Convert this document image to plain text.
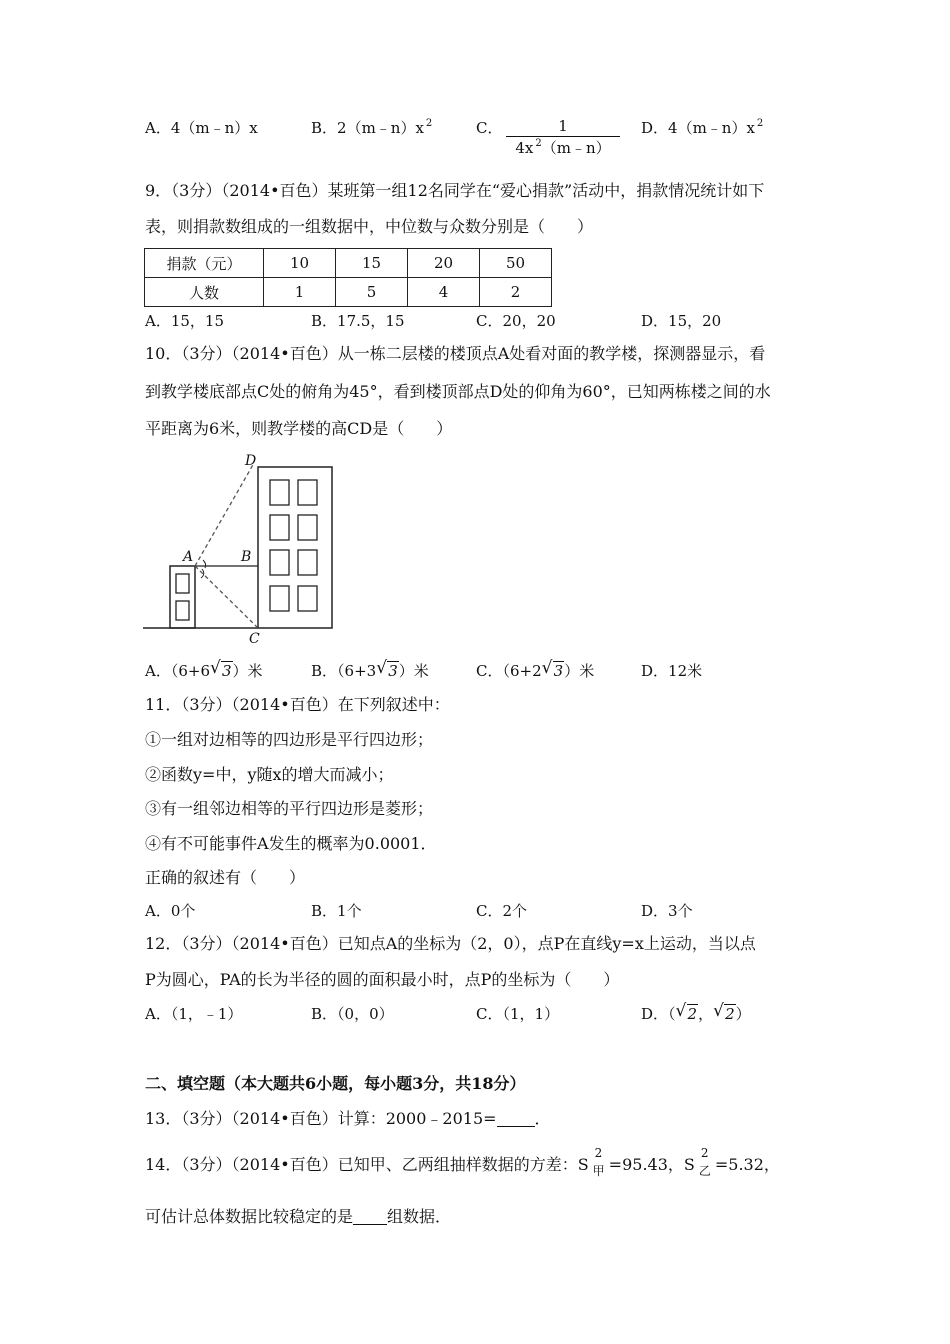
A．4（m﹣n）x	B．2（m﹣n）x $^2$	C． $\frac{1}{4x ^2(m﹣n)}$ D．4（m﹣n）x $^2$
9．（3分）（2014•百色）某班第一组12名同学在“爱心捐款”活动中，捐款情况统计如下
表，则捐款数组成的一组数据中，中位数与众数分别是（　　）
捐款（元）	10	15	20	50
人数	1	5	4	2
A．15，15	B．17.5，15	C．20，20	D．15，20
10．（3分）（2014•百色）从一栋二层楼的楼顶点A处看对面的教学楼，探测器显示，看
到教学楼底部点C处的俯角为45°，看到楼顶部点D处的仰角为60°，已知两栋楼之间的水
平距离为6米，则教学楼的高CD是（　　）
D
A	B
C
A．（6+6 √ 3）米	B．（6+3 √ 3）米	C．（6+2 √ 3）米	D．12米
11．（3分）（2014•百色）在下列叙述中：
①一组对边相等的四边形是平行四边形；
②函数y=中，y随x的增大而减小；
③有一组邻边相等的平行四边形是菱形；
④有不可能事件A发生的概率为0.0001．
正确的叙述有（　　）
A．0个	B．1个	C．2个	D．3个
12．（3分）（2014•百色）已知点A的坐标为（2，0），点P在直线y=x上运动，当以点
P为圆心，PA的长为半径的圆的面积最小时，点P的坐标为（　　）
A．（1，﹣1）	B．（0，0）	C．（1，1）	D．（ √ 2， √ 2）
二、填空题（本大题共6小题，每小题3分，共18分）
13．（3分）（2014•百色）计算：2000﹣2015= ．
14．（3分）（2014•百色）已知甲、乙两组抽样数据的方差：S
2
甲 =95.43，S
2
乙 =5.32，
可估计总体数据比较稳定的是 组数据．
